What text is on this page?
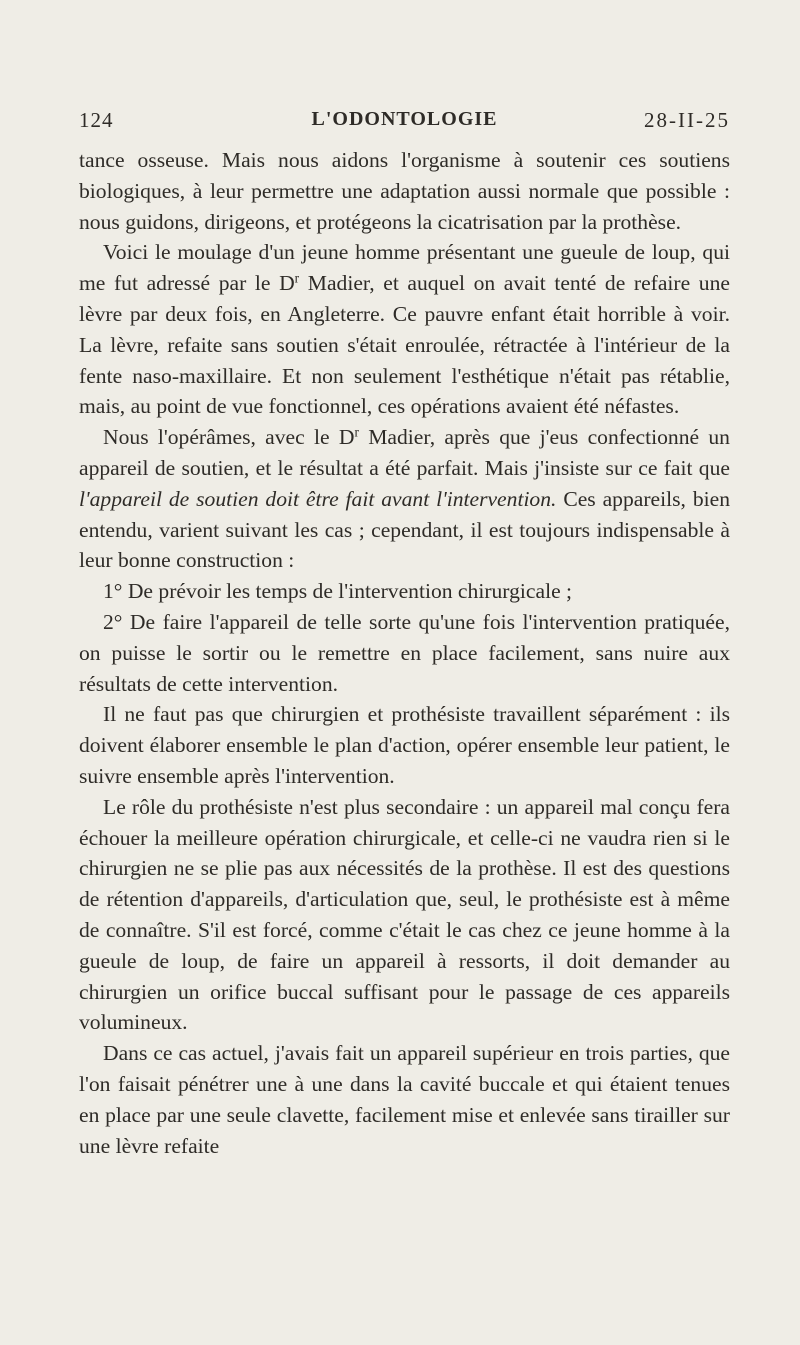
124	L'ODONTOLOGIE	28-II-25

tance osseuse. Mais nous aidons l'organisme à soutenir ces soutiens biologiques, à leur permettre une adaptation aussi normale que possible : nous guidons, dirigeons, et protégeons la cicatrisation par la prothèse.

Voici le moulage d'un jeune homme présentant une gueule de loup, qui me fut adressé par le $D^r$ Madier, et auquel on avait tenté de refaire une lèvre par deux fois, en Angleterre. Ce pauvre enfant était horrible à voir. La lèvre, refaite sans soutien s'était enroulée, rétractée à l'intérieur de la fente naso-maxillaire. Et non seulement l'esthétique n'était pas rétablie, mais, au point de vue fonctionnel, ces opérations avaient été néfastes.

Nous l'opérâmes, avec le $D^r$ Madier, après que j'eus confectionné un appareil de soutien, et le résultat a été parfait. Mais j'insiste sur ce fait que l'appareil de soutien doit être fait avant l'intervention. Ces appareils, bien entendu, varient suivant les cas ; cependant, il est toujours indispensable à leur bonne construction :

1° De prévoir les temps de l'intervention chirurgicale ;

2° De faire l'appareil de telle sorte qu'une fois l'intervention pratiquée, on puisse le sortir ou le remettre en place facilement, sans nuire aux résultats de cette intervention.

Il ne faut pas que chirurgien et prothésiste travaillent séparément : ils doivent élaborer ensemble le plan d'action, opérer ensemble leur patient, le suivre ensemble après l'intervention.

Le rôle du prothésiste n'est plus secondaire : un appareil mal conçu fera échouer la meilleure opération chirurgicale, et celle-ci ne vaudra rien si le chirurgien ne se plie pas aux nécessités de la prothèse. Il est des questions de rétention d'appareils, d'articulation que, seul, le prothésiste est à même de connaître. S'il est forcé, comme c'était le cas chez ce jeune homme à la gueule de loup, de faire un appareil à ressorts, il doit demander au chirurgien un orifice buccal suffisant pour le passage de ces appareils volumineux.

Dans ce cas actuel, j'avais fait un appareil supérieur en trois parties, que l'on faisait pénétrer une à une dans la cavité buccale et qui étaient tenues en place par une seule clavette, facilement mise et enlevée sans tirailler sur une lèvre refaite
